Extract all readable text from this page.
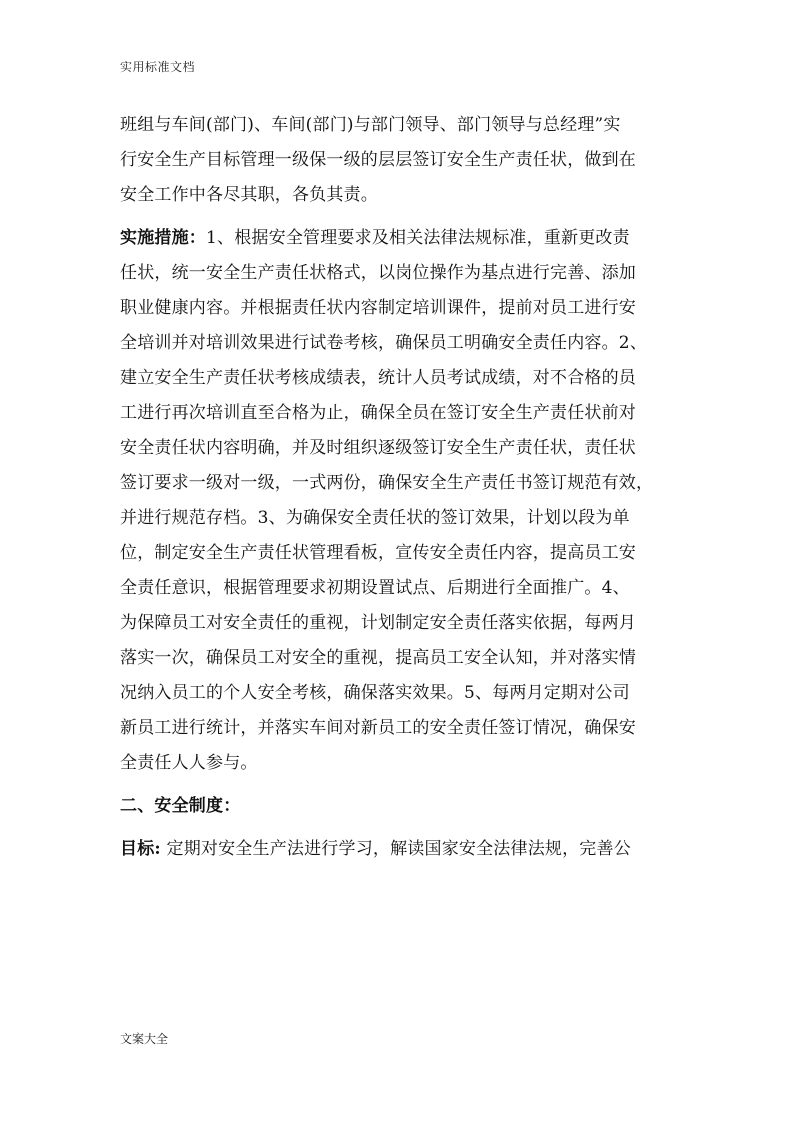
实用标准文档
班组与车间(部门)、车间(部门)与部门领导、部门领导与总经理”实
行安全生产目标管理一级保一级的层层签订安全生产责任状，做到在
安全工作中各尽其职，各负其责。
实施措施：1、根据安全管理要求及相关法律法规标准，重新更改责
任状，统一安全生产责任状格式，以岗位操作为基点进行完善、添加
职业健康内容。并根据责任状内容制定培训课件，提前对员工进行安
全培训并对培训效果进行试卷考核，确保员工明确安全责任内容。2、
建立安全生产责任状考核成绩表，统计人员考试成绩，对不合格的员
工进行再次培训直至合格为止，确保全员在签订安全生产责任状前对
安全责任状内容明确，并及时组织逐级签订安全生产责任状，责任状
签订要求一级对一级，一式两份，确保安全生产责任书签订规范有效，
并进行规范存档。3、为确保安全责任状的签订效果，计划以段为单
位，制定安全生产责任状管理看板，宣传安全责任内容，提高员工安
全责任意识，根据管理要求初期设置试点、后期进行全面推广。4、
为保障员工对安全责任的重视，计划制定安全责任落实依据，每两月
落实一次，确保员工对安全的重视，提高员工安全认知，并对落实情
况纳入员工的个人安全考核，确保落实效果。5、每两月定期对公司
新员工进行统计，并落实车间对新员工的安全责任签订情况，确保安
全责任人人参与。
二、安全制度：
目标: 定期对安全生产法进行学习，解读国家安全法律法规，完善公
文案大全
